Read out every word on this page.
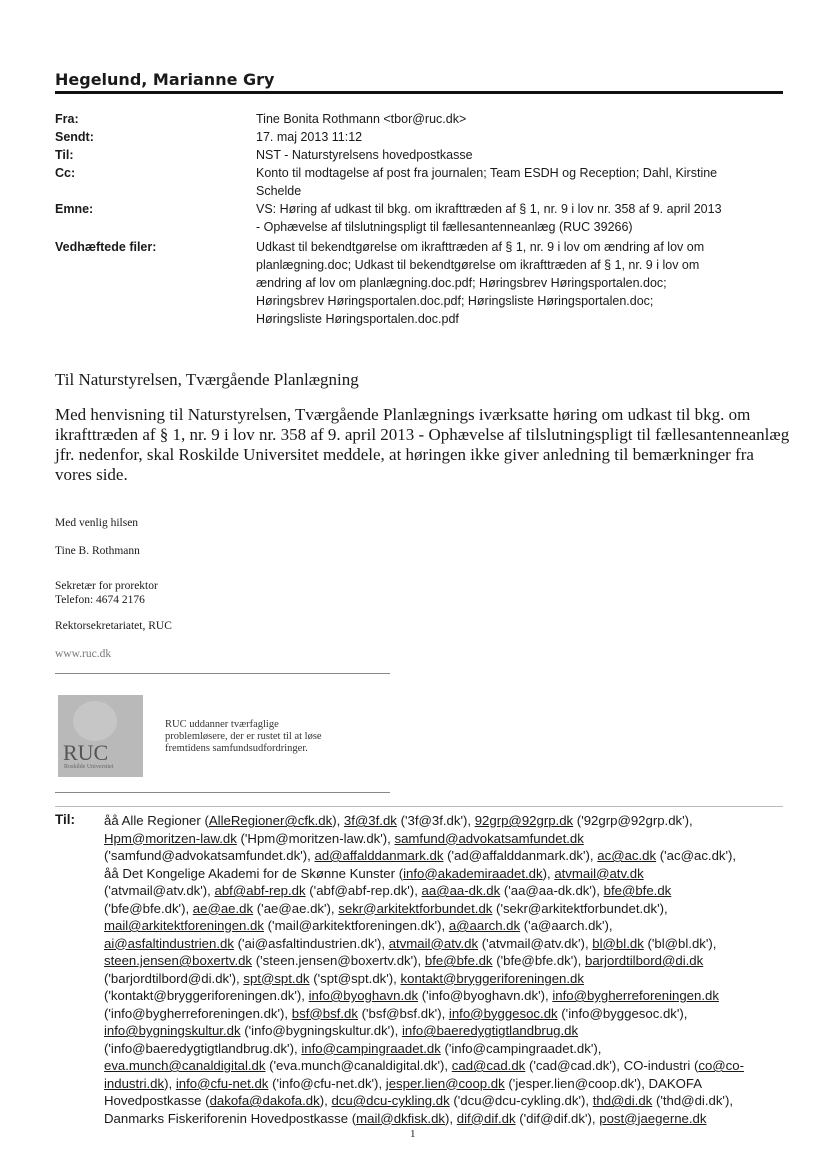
Hegelund, Marianne Gry
Fra:	Tine Bonita Rothmann <tbor@ruc.dk>
Sendt:	17. maj 2013 11:12
Til:	NST - Naturstyrelsens hovedpostkasse
Cc:	Konto til modtagelse af post fra journalen; Team ESDH og Reception; Dahl, Kirstine
Schelde
Emne:	VS: Høring af udkast til bkg. om ikrafttræden af § 1, nr. 9 i lov nr. 358 af 9. april 2013
- Ophævelse af tilslutningspligt til fællesantenneanlæg (RUC 39266)
Vedhæftede filer:	Udkast til bekendtgørelse om ikrafttræden af § 1, nr. 9 i lov om ændring af lov om
planlægning.doc; Udkast til bekendtgørelse om ikrafttræden af § 1, nr. 9 i lov om
ændring af lov om planlægning.doc.pdf; Høringsbrev Høringsportalen.doc;
Høringsbrev Høringsportalen.doc.pdf; Høringsliste Høringsportalen.doc;
Høringsliste Høringsportalen.doc.pdf
Til Naturstyrelsen, Tværgående Planlægning
Med henvisning til Naturstyrelsen, Tværgående Planlægnings iværksatte høring om udkast til bkg. om
ikrafttræden af § 1, nr. 9 i lov nr. 358 af 9. april 2013 - Ophævelse af tilslutningspligt til fællesantenneanlæg
jfr. nedenfor, skal Roskilde Universitet meddele, at høringen ikke giver anledning til bemærkninger fra
vores side.
Med venlig hilsen
Tine B. Rothmann
Sekretær for prorektor
Telefon: 4674 2176
Rektorsekretariatet, RUC
www.ruc.dk
RUC
Roskilde Universitet
RUC uddanner tværfaglige
problemløsere, der er rustet til at løse
fremtidens samfundsudfordringer.
Til: åå Alle Regioner (AlleRegioner@cfk.dk), 3f@3f.dk ('3f@3f.dk'), 92grp@92grp.dk ('92grp@92grp.dk'),
Hpm@moritzen-law.dk ('Hpm@moritzen-law.dk'), samfund@advokatsamfundet.dk
('samfund@advokatsamfundet.dk'), ad@affalddanmark.dk ('ad@affalddanmark.dk'), ac@ac.dk ('ac@ac.dk'),
åå Det Kongelige Akademi for de Skønne Kunster (info@akademiraadet.dk), atvmail@atv.dk
('atvmail@atv.dk'), abf@abf-rep.dk ('abf@abf-rep.dk'), aa@aa-dk.dk ('aa@aa-dk.dk'), bfe@bfe.dk
('bfe@bfe.dk'), ae@ae.dk ('ae@ae.dk'), sekr@arkitektforbundet.dk ('sekr@arkitektforbundet.dk'),
mail@arkitektforeningen.dk ('mail@arkitektforeningen.dk'), a@aarch.dk ('a@aarch.dk'),
ai@asfaltindustrien.dk ('ai@asfaltindustrien.dk'), atvmail@atv.dk ('atvmail@atv.dk'), bl@bl.dk ('bl@bl.dk'),
steen.jensen@boxertv.dk ('steen.jensen@boxertv.dk'), bfe@bfe.dk ('bfe@bfe.dk'), barjordtilbord@di.dk
('barjordtilbord@di.dk'), spt@spt.dk ('spt@spt.dk'), kontakt@bryggeriforeningen.dk
('kontakt@bryggeriforeningen.dk'), info@byoghavn.dk ('info@byoghavn.dk'), info@bygherreforeningen.dk
('info@bygherreforeningen.dk'), bsf@bsf.dk ('bsf@bsf.dk'), info@byggesoc.dk ('info@byggesoc.dk'),
info@bygningskultur.dk ('info@bygningskultur.dk'), info@baeredygtigtlandbrug.dk
('info@baeredygtigtlandbrug.dk'), info@campingraadet.dk ('info@campingraadet.dk'),
eva.munch@canaldigital.dk ('eva.munch@canaldigital.dk'), cad@cad.dk ('cad@cad.dk'), CO-industri (co@co-
industri.dk), info@cfu-net.dk ('info@cfu-net.dk'), jesper.lien@coop.dk ('jesper.lien@coop.dk'), DAKOFA
Hovedpostkasse (dakofa@dakofa.dk), dcu@dcu-cykling.dk ('dcu@dcu-cykling.dk'), thd@di.dk ('thd@di.dk'),
Danmarks Fiskeriforenin Hovedpostkasse (mail@dkfisk.dk), dif@dif.dk ('dif@dif.dk'), post@jaegerne.dk
1
